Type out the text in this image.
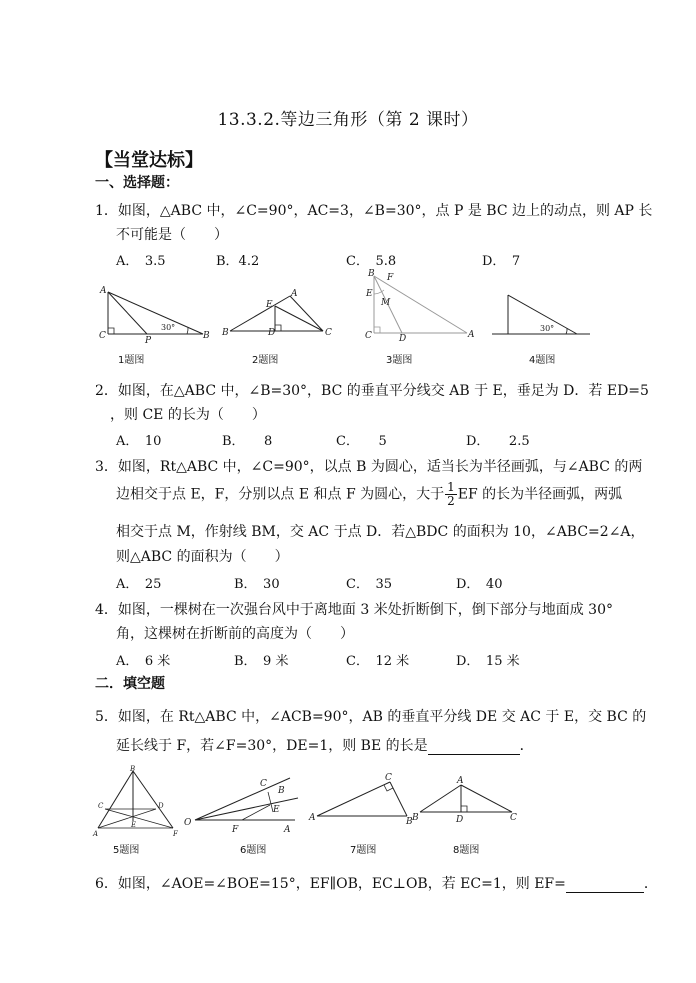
13.3.2.等边三角形（第 2 课时）
【当堂达标】
一、选择题：
1．如图，△ABC 中，∠C=90°，AC=3，∠B=30°，点 P 是 BC 边上的动点，则 AP 长
不可能是（　　）
A．　3.5	B．4.2	C．　5.8	D．　7
A
C	P	B
30°
1题图
E
A
B	D	C
2题图
B F
E
M
C	D	A
3题图
30°
4题图
2．如图，在△ABC 中，∠B=30°，BC 的垂直平分线交 AB 于 E，垂足为 D．若 ED=5
，则 CE 的长为（　　）
A．　10	B．　　8	C．　　5	D．　　2.5
3．如图，Rt△ABC 中，∠C=90°，以点 B 为圆心，适当长为半径画弧，与∠ABC 的两
边相交于点 E，F，分别以点 E 和点 F 为圆心，大于 $\frac{1}{2}$ EF 的长为半径画弧，两弧
相交于点 M，作射线 BM，交 AC 于点 D．若△BDC 的面积为 10，∠ABC=2∠A，
则△ABC 的面积为（　　）
A．　25	B．　30	C．　35	D．　40
4．如图，一棵树在一次强台风中于离地面 3 米处折断倒下，倒下部分与地面成 30°
角，这棵树在折断前的高度为（　　）
A．　6 米	B．　9 米	C．　12 米	D．　15 米
二．填空题
5．如图，在 Rt△ABC 中，∠ACB=90°，AB 的垂直平分线 DE 交 AC 于 E，交 BC 的
延长线于 F，若∠F=30°，DE=1，则 BE 的长是	．
B
C	D
E
A	F
5题图
C
B
E
O
F	A
6题图
C
A	B
7题图
A
B	D	C
8题图
6．如图，∠AOE=∠BOE=15°，EF∥OB，EC⊥OB，若 EC=1，则 EF=	．
